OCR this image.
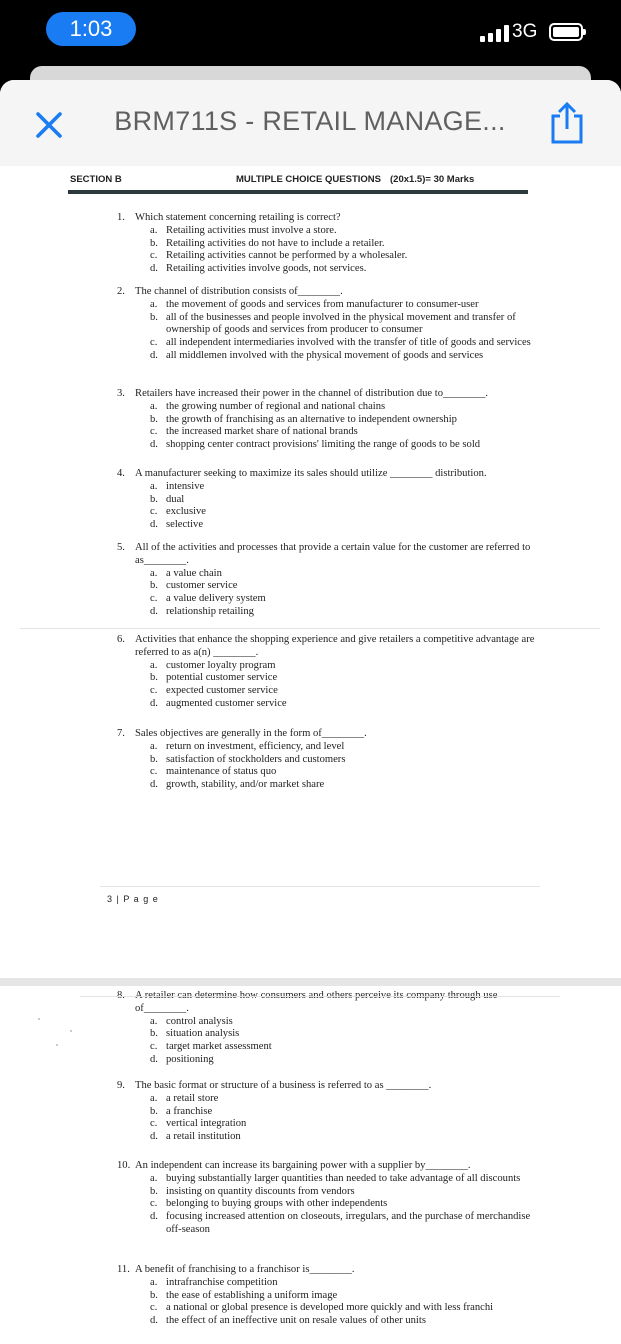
1:03	3G
BRM711S - RETAIL MANAGE...
SECTION B	MULTIPLE CHOICE QUESTIONS (20x1.5)= 30 Marks
1. Which statement concerning retailing is correct?
a. Retailing activities must involve a store.
b. Retailing activities do not have to include a retailer.
c. Retailing activities cannot be performed by a wholesaler.
d. Retailing activities involve goods, not services.
2. The channel of distribution consists of________.
a. the movement of goods and services from manufacturer to consumer-user
b. all of the businesses and people involved in the physical movement and transfer of ownership of goods and services from producer to consumer
c. all independent intermediaries involved with the transfer of title of goods and services
d. all middlemen involved with the physical movement of goods and services
3. Retailers have increased their power in the channel of distribution due to________.
a. the growing number of regional and national chains
b. the growth of franchising as an alternative to independent ownership
c. the increased market share of national brands
d. shopping center contract provisions' limiting the range of goods to be sold
4. A manufacturer seeking to maximize its sales should utilize ________ distribution.
a. intensive
b. dual
c. exclusive
d. selective
5. All of the activities and processes that provide a certain value for the customer are referred to as________.
a. a value chain
b. customer service
c. a value delivery system
d. relationship retailing
6. Activities that enhance the shopping experience and give retailers a competitive advantage are referred to as a(n) ________.
a. customer loyalty program
b. potential customer service
c. expected customer service
d. augmented customer service
7. Sales objectives are generally in the form of________.
a. return on investment, efficiency, and level
b. satisfaction of stockholders and customers
c. maintenance of status quo
d. growth, stability, and/or market share
of________.
a. control analysis
b. situation analysis
c. target market assessment
d. positioning
9. The basic format or structure of a business is referred to as ________.
a. a retail store
b. a franchise
c. vertical integration
d. a retail institution
10. An independent can increase its bargaining power with a supplier by________.
a. buying substantially larger quantities than needed to take advantage of all discounts
b. insisting on quantity discounts from vendors
c. belonging to buying groups with other independents
d. focusing increased attention on closeouts, irregulars, and the purchase of merchandise off-season
11. A benefit of franchising to a franchisor is________.
a. intrafranchise competition
b. the ease of establishing a uniform image
c. a national or global presence is developed more quickly and with less franchi
d. the effect of an ineffective unit on resale values of other units
3 | P a g e
